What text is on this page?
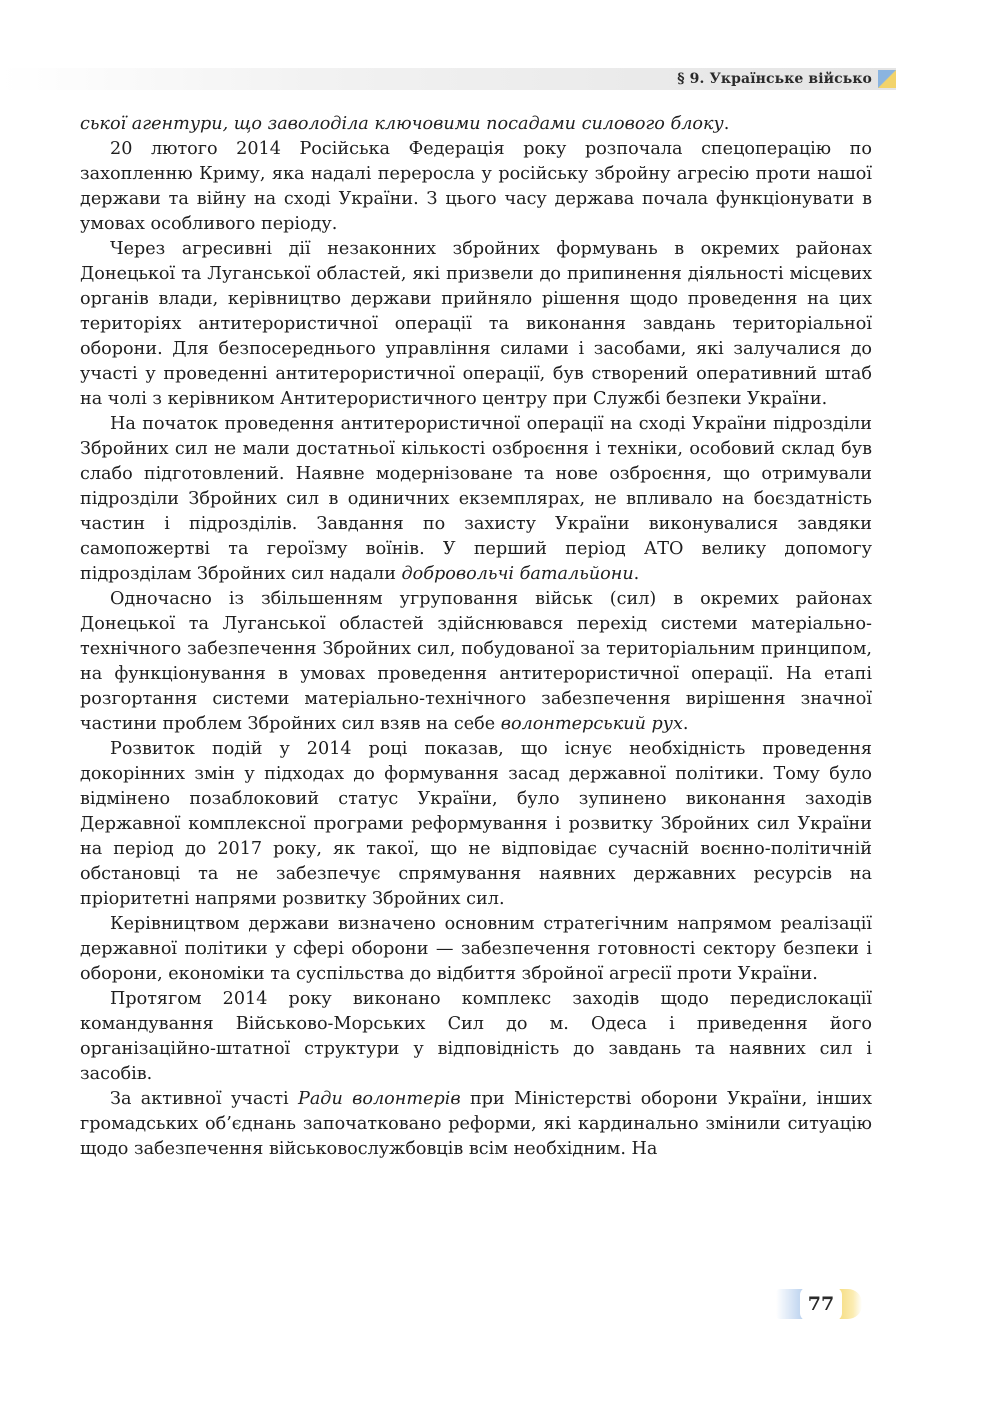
§ 9. Українське військо

ської агентури, що заволоділа ключовими посадами силового блоку.

20 лютого 2014 Російська Федерація року розпочала спецоперацію по захопленню Криму, яка надалі переросла у російську збройну агресію проти нашої держави та війну на сході України. З цього часу держава почала функціонувати в умовах особливого періоду.

Через агресивні дії незаконних збройних формувань в окремих районах Донецької та Луганської областей, які призвели до припинення діяльності місцевих органів влади, керівництво держави прийняло рішення щодо проведення на цих територіях антитерористичної операції та виконання завдань територіальної оборони. Для безпосереднього управління силами і засобами, які залучалися до участі у проведенні антитерористичної операції, був створений оперативний штаб на чолі з керівником Антитерористичного центру при Службі безпеки України.

На початок проведення антитерористичної операції на сході України підрозділи Збройних сил не мали достатньої кількості озброєння і техніки, особовий склад був слабо підготовлений. Наявне модернізоване та нове озброєння, що отримували підрозділи Збройних сил в одиничних екземплярах, не впливало на боєздатність частин і підрозділів. Завдання по захисту України виконувалися завдяки самопожертві та героїзму воїнів. У перший період АТО велику допомогу підрозділам Збройних сил надали добровольчі батальйони.

Одночасно із збільшенням угруповання військ (сил) в окремих районах Донецької та Луганської областей здійснювався перехід системи матеріально-технічного забезпечення Збройних сил, побудованої за територіальним принципом, на функціонування в умовах проведення антитерористичної операції. На етапі розгортання системи матеріально-технічного забезпечення вирішення значної частини проблем Збройних сил взяв на себе волонтерський рух.

Розвиток подій у 2014 році показав, що існує необхідність проведення докорінних змін у підходах до формування засад державної політики. Тому було відмінено позаблоковий статус України, було зупинено виконання заходів Державної комплексної програми реформування і розвитку Збройних сил України на період до 2017 року, як такої, що не відповідає сучасній воєнно-політичній обстановці та не забезпечує спрямування наявних державних ресурсів на пріоритетні напрями розвитку Збройних сил.

Керівництвом держави визначено основним стратегічним напрямом реалізації державної політики у сфері оборони — забезпечення готовності сектору безпеки і оборони, економіки та суспільства до відбиття збройної агресії проти України.

Протягом 2014 року виконано комплекс заходів щодо передислокації командування Військово-Морських Сил до м. Одеса і приведення його організаційно-штатної структури у відповідність до завдань та наявних сил і засобів.

За активної участі Ради волонтерів при Міністерстві оборони України, інших громадських об’єднань започатковано реформи, які кардинально змінили ситуацію щодо забезпечення військовослужбовців всім необхідним. На

77
